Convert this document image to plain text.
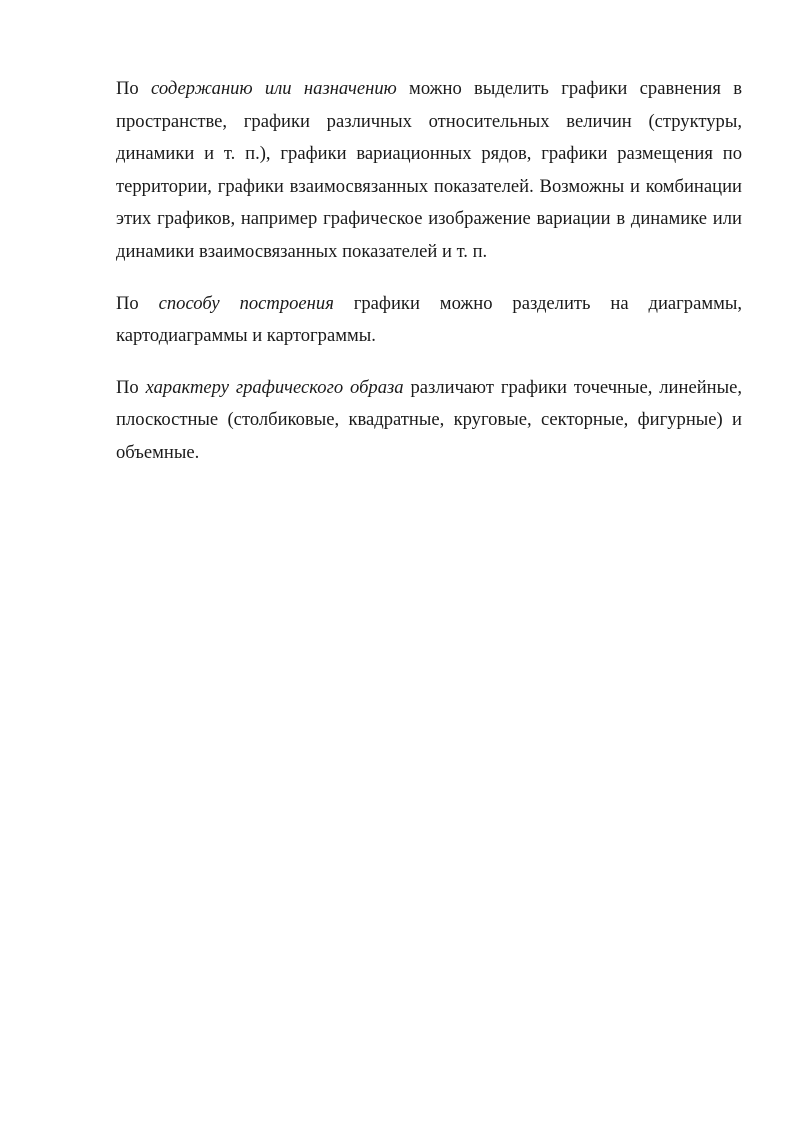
По содержанию или назначению можно выделить графики сравнения в пространстве, графики различных относительных величин (структуры, динамики и т. п.), графики вариационных рядов, графики размещения по территории, графики взаимосвязанных показателей. Возможны и комбинации этих графиков, например графическое изображение вариации в динамике или динамики взаимосвязанных показателей и т. п.

По способу построения графики можно разделить на диаграммы, картодиаграммы и картограммы.

По характеру графического образа различают графики точечные, линейные, плоскостные (столбиковые, квадратные, круговые, секторные, фигурные) и объемные.
